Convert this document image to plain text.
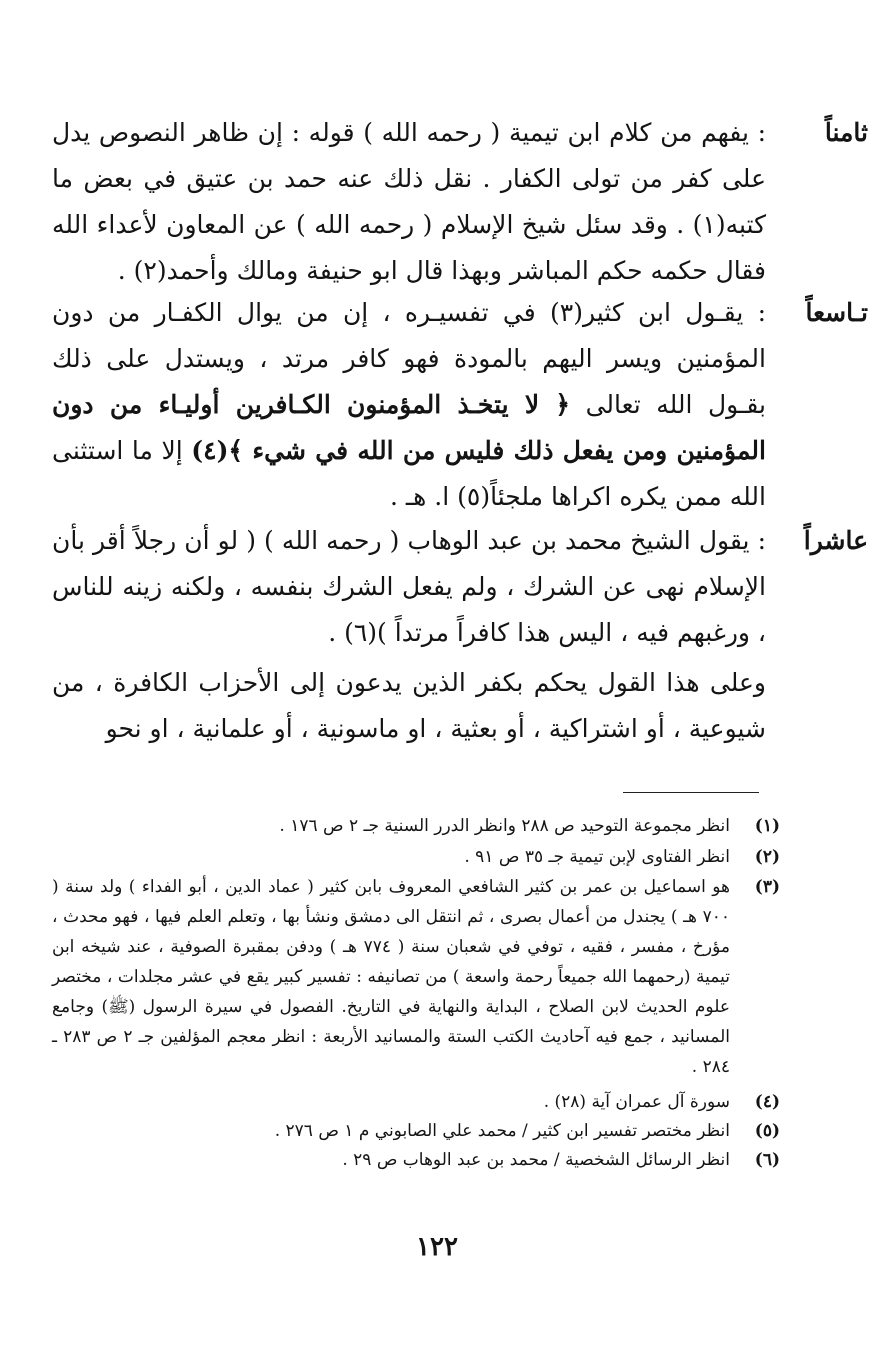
ثامناً
: يفهم من كلام ابن تيمية ( رحمه الله ) قوله : إن ظاهر النصوص يدل على كفر من تولى الكفار . نقل ذلك عنه حمد بن عتيق في بعض ما كتبه(١) . وقد سئل شيخ الإسلام ( رحمه الله ) عن المعاون لأعداء الله فقال حكمه حكم المباشر وبهذا قال ابو حنيفة ومالك وأحمد(٢) .
تـاسعاً
: يقـول ابن كثير(٣) في تفسيـره ، إن من يوال الكفـار من دون المؤمنين ويسر اليهم بالمودة فهو كافر مرتد ، ويستدل على ذلك بقـول الله تعالى ﴿ لا يتخـذ المؤمنون الكـافرين أوليـاء من دون المؤمنين ومن يفعل ذلك فليس من الله في شيء ﴾(٤) إلا ما استثنى الله ممن يكره اكراها ملجئاً(٥) ا. هـ .
عاشراً
: يقول الشيخ محمد بن عبد الوهاب ( رحمه الله ) ( لو أن رجلاً أقر بأن الإسلام نهى عن الشرك ، ولم يفعل الشرك بنفسه ، ولكنه زينه للناس ، ورغبهم فيه ، اليس هذا كافراً مرتداً )(٦) .
وعلى هذا القول يحكم بكفر الذين يدعون إلى الأحزاب الكافرة ، من شيوعية ، أو اشتراكية ، أو بعثية ، او ماسونية ، أو علمانية ، او نحو
(١)
انظر مجموعة التوحيد ص ٢٨٨ وانظر الدرر السنية جـ ٢ ص ١٧٦ .
(٢)
انظر الفتاوى لإبن تيمية جـ ٣٥ ص ٩١ .
(٣)
هو اسماعيل بن عمر بن كثير الشافعي المعروف بابن كثير ( عماد الدين ، أبو الفداء ) ولد سنة ( ٧٠٠ هـ ) يجندل من أعمال بصرى ، ثم انتقل الى دمشق ونشأ بها ، وتعلم العلم فيها ، فهو محدث ، مؤرخ ، مفسر ، فقيه ، توفي في شعبان سنة ( ٧٧٤ هـ ) ودفن بمقبرة الصوفية ، عند شيخه ابن تيمية (رحمهما الله جميعاً رحمة واسعة ) من تصانيفه : تفسير كبير يقع في عشر مجلدات ، مختصر علوم الحديث لابن الصلاح ، البداية والنهاية في التاريخ. الفصول في سيرة الرسول (ﷺ) وجامع المسانيد ، جمع فيه آحاديث الكتب الستة والمسانيد الأربعة : انظر معجم المؤلفين جـ ٢ ص ٢٨٣ ـ ٢٨٤ .
(٤)
سورة آل عمران آية (٢٨) .
(٥)
انظر مختصر تفسير ابن كثير / محمد علي الصابوني م ١ ص ٢٧٦ .
(٦)
انظر الرسائل الشخصية / محمد بن عبد الوهاب ص ٢٩ .
١٢٢
